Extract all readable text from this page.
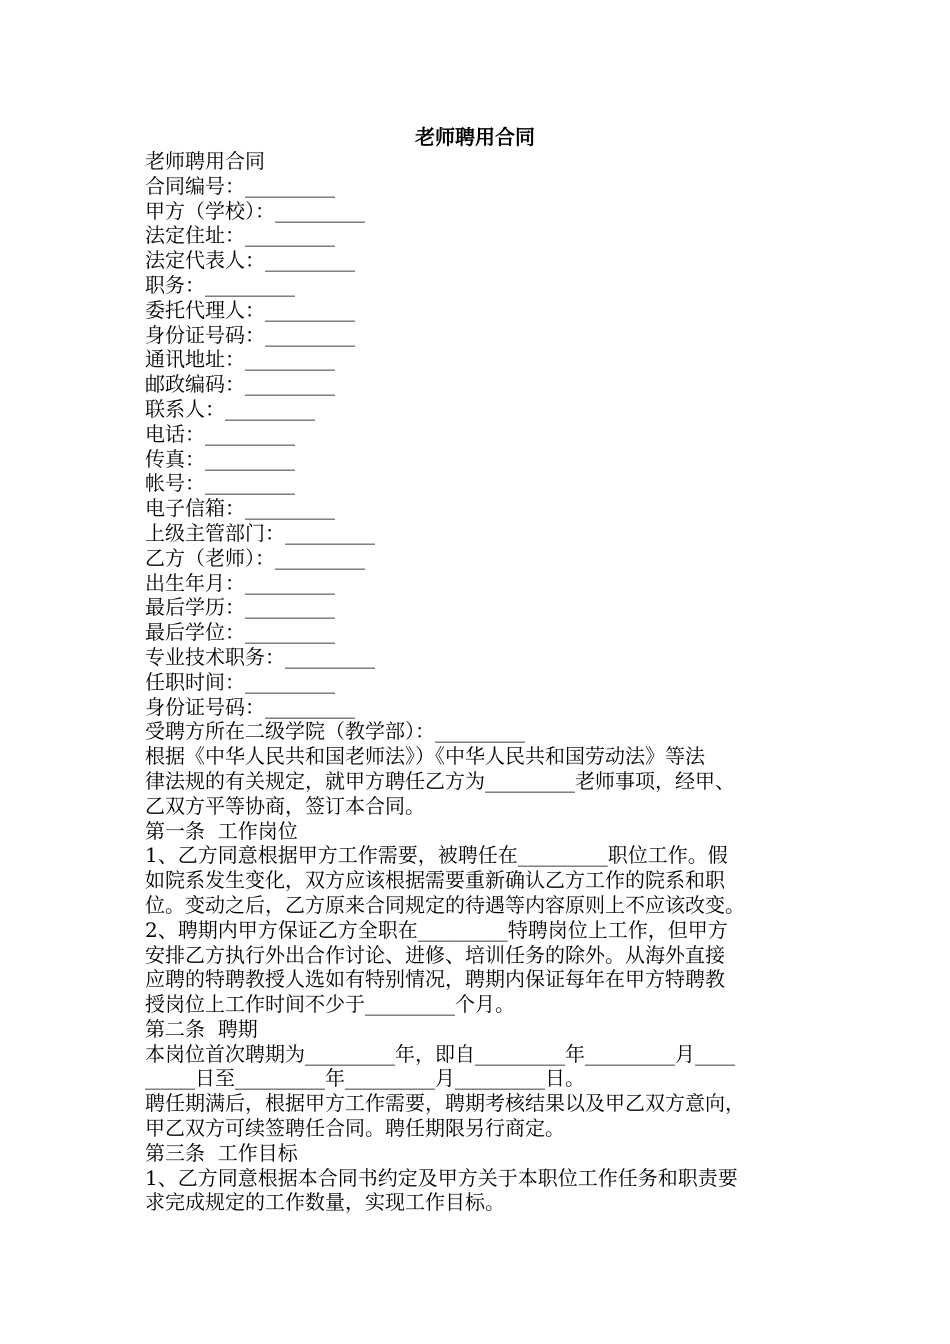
老师聘用合同
老师聘用合同
合同编号：_________
甲方（学校）：_________
法定住址：_________
法定代表人：_________
职务：_________
委托代理人：_________
身份证号码：_________
通讯地址：_________
邮政编码：_________
联系人：_________
电话：_________
传真：_________
帐号：_________
电子信箱：_________
上级主管部门：_________
乙方（老师）：_________
出生年月：_________
最后学历：_________
最后学位：_________
专业技术职务：_________
任职时间：_________
身份证号码：_________
受聘方所在二级学院（教学部）：_________
根据《中华人民共和国老师法》）《中华人民共和国劳动法》等法
律法规的有关规定，就甲方聘任乙方为_________老师事项，经甲、
乙双方平等协商，签订本合同。
第一条  工作岗位
1、乙方同意根据甲方工作需要，被聘任在_________职位工作。假
如院系发生变化，双方应该根据需要重新确认乙方工作的院系和职
位。变动之后，乙方原来合同规定的待遇等内容原则上不应该改变。
2、聘期内甲方保证乙方全职在_________特聘岗位上工作，但甲方
安排乙方执行外出合作讨论、进修、培训任务的除外。从海外直接
应聘的特聘教授人选如有特别情况，聘期内保证每年在甲方特聘教
授岗位上工作时间不少于_________个月。
第二条  聘期
本岗位首次聘期为_________年，即自_________年_________月____
_____日至_________年_________月_________日。
聘任期满后，根据甲方工作需要，聘期考核结果以及甲乙双方意向，
甲乙双方可续签聘任合同。聘任期限另行商定。
第三条  工作目标
1、乙方同意根据本合同书约定及甲方关于本职位工作任务和职责要
求完成规定的工作数量，实现工作目标。
